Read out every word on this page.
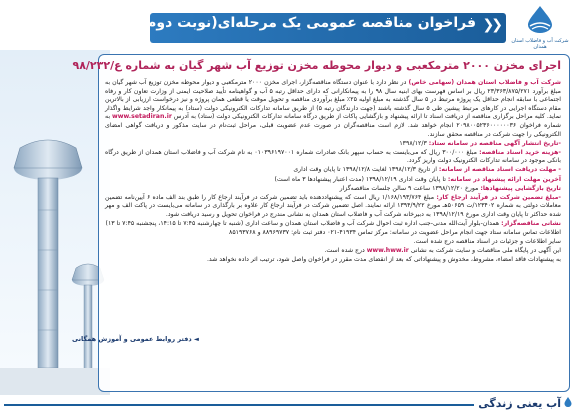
❮❮
فراخوان مناقصه عمومی یک مرحله‌ای(نوبت دوم)
شرکت آب و فاضلاب استان همدان
اجرای مخزن ۲۰۰۰ مترمکعبی و دیوار محوطه مخزن توزیع آب شهر گیان به شماره ع/۹۸/۲۳۲

شرکت آب و فاضلاب استان همدان (سهامی خاص) در نظر دارد با عنوان دستگاه مناقصه‌گزار، اجرای مخزن ۲۰۰۰ مترمکعبی و دیوار محوطه مخزن توزیع آب شهر گیان به مبلغ برآورد ۲۳/۳۶۳/۸۷۵/۲۷۱ ریال بر اساس فهرست بهای ابنیه سال ۹۸ را به پیمانکارانی که دارای حداقل رتبه ۵ آب و گواهینامه تأیید صلاحیت ایمنی از وزارت تعاون کار و رفاه اجتماعی با سابقه انجام حداقل یک پروژه مرتبط در ۵ سال گذشته به مبلغ اولیه ۲۵٪ مبلغ برآوردی مناقصه و تحویل موقت یا قطعی همان پروژه و نیز درخواست ارزیابی از بالاترین مقام دستگاه اجرایی در کارهای مرتبط پیشین طی ۵ سال گذشته باشند (جهت دارندگان رتبه ۵) از طریق سامانه تدارکات الکترونیکی دولت (ستاد) به پیمانکار واجد شرایط واگذار نماید. کلیه مراحل برگزاری مناقصه از دریافت اسناد تا ارائه پیشنهاد و بازگشایی پاکات از طریق درگاه سامانه تدارکات الکترونیکی دولت (ستاد) به آدرس www.setadiran.ir به شماره فراخوان ۲۰۹۸۰۰۵۲۳۶۰۰۰۰۰۰۳۶ انجام خواهد شد. لازم است مناقصه‌گران در صورت عدم عضویت قبلی، مراحل ثبت‌نام در سایت مذکور و دریافت گواهی امضای الکترونیکی را جهت شرکت در مناقصه محقق سازند.

-تاریخ انتشار آگهی مناقصه در سامانه ستاد: ۱۳۹۸/۱۲/۳

-هزینه خرید اسناد مناقصه: مبلغ ۳۰۰/۰۰۰ ریال که می‌بایست به حساب سپهر بانک صادرات شماره ۰۱۰۳۹۶۱۹۷۰۰۱ به نام شرکت آب و فاضلاب استان همدان از طریق درگاه بانکی موجود در سامانه تدارکات الکترونیک دولت واریز گردد.

- مهلت دریافت اسناد مناقصه از سامانه: از تاریخ ۱۳۹۸/۱۲/۳ لغایت ۱۳۹۸/۱۲/۸ تا پایان وقت اداری

آخرین مهلت ارائه پیشنهاد در سامانه: تا پایان وقت اداری ۱۳۹۸/۱۲/۱۹ (مدت اعتبار پیشنهادها ۳ ماه است)

تاریخ بازگشایی پیشنهادها: مورخ ۱۳۹۸/۱۲/۲۰ ساعت ۹ سالن جلسات مناقصه‌گزار

-مبلغ تضمین شرکت در فرآیند ارجاع کار: مبلغ ۱/۱۶۸/۱۹۳/۷۶۴ ریال است که پیشنهاددهنده باید تضمین شرکت در فرآیند ارجاع کار را طبق بند الف ماده ۶ آیین‌نامه تضمین معاملات دولتی به شماره ۱۲۳۴۰۲/ت ۵۰۶۵۹هـ مورخ ۱۳۹۴/۹/۲۲ ارائه نمایند. اصل تضمین شرکت در فرآیند ارجاع کار علاوه بر بارگذاری در سامانه می‌بایست در پاکت الف و مهر شده حداکثر تا پایان وقت اداری مورخ ۱۳۹۸/۱۲/۱۹ به دبیرخانه شرکت آب و فاضلاب استان همدان به نشانی مندرج در فراخوان تحویل و رسید دریافت شود.

نشانی مناقصه‌گزار: همدان-بلوار آیت‌الله مدنی-جنب اداره ثبت احوال شرکت آب و فاضلاب استان همدان و ساعت اداری (شنبه تا چهارشنبه ۷:۴۵ تا ۱۴:۱۵، پنجشنبه ۷:۴۵ تا ۱۳)

اطلاعات تماس سامانه ستاد جهت انجام مراحل عضویت در سامانه: مرکز تماس ۴۱۹۳۴-۰۲۱ دفتر ثبت نام: ۸۸۹۶۹۷۳۷ و ۸۵۱۹۳۷۶۸

سایر اطلاعات و جزئیات در اسناد مناقصه درج شده است.

این آگهی در پایگاه ملی مناقصات و سایت شرکت به نشانی www.hww.ir درج شده است.

به پیشنهادات فاقد امضاء، مشروط، مخدوش و پیشنهاداتی که بعد از انقضای مدت مقرر در فراخوان واصل شود، ترتیب اثر داده نخواهد شد.

◄ دفتر روابط عمومی و آموزش همگانی
آب یعنی زندگی
